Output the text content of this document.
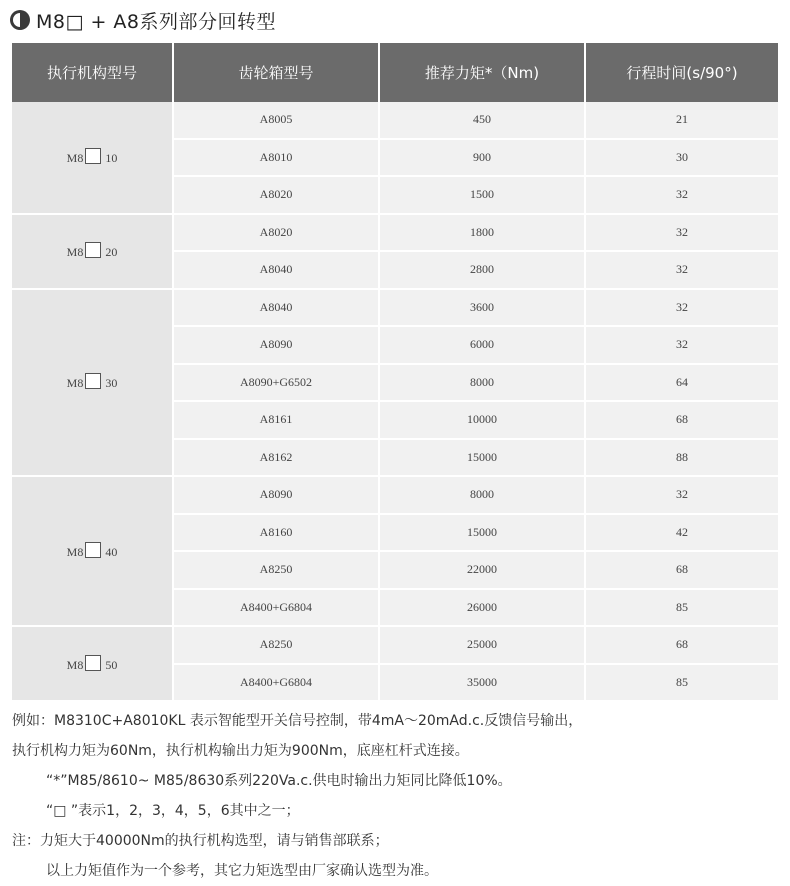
M8□ + A8系列部分回转型
执行机构型号	齿轮箱型号	推荐力矩*（Nm)	行程时间(s/90°)
M8 10	A8005	450	21
	A8010	900	30
	A8020	1500	32
M8 20	A8020	1800	32
	A8040	2800	32
M8 30	A8040	3600	32
	A8090	6000	32
	A8090+G6502	8000	64
	A8161	10000	68
	A8162	15000	88
M8 40	A8090	8000	32
	A8160	15000	42
	A8250	22000	68
	A8400+G6804	26000	85
M8 50	A8250	25000	68
	A8400+G6804	35000	85
例如：M8310C+A8010KL 表示智能型开关信号控制，带4mA～20mAd.c.反馈信号输出，
执行机构力矩为60Nm，执行机构输出力矩为900Nm，底座杠杆式连接。
“*”M85/8610~ M85/8630系列220Va.c.供电时输出力矩同比降低10%。
“□ ”表示1，2，3，4，5，6其中之一；
注：力矩大于40000Nm的执行机构选型，请与销售部联系；
以上力矩值作为一个参考，其它力矩选型由厂家确认选型为准。
